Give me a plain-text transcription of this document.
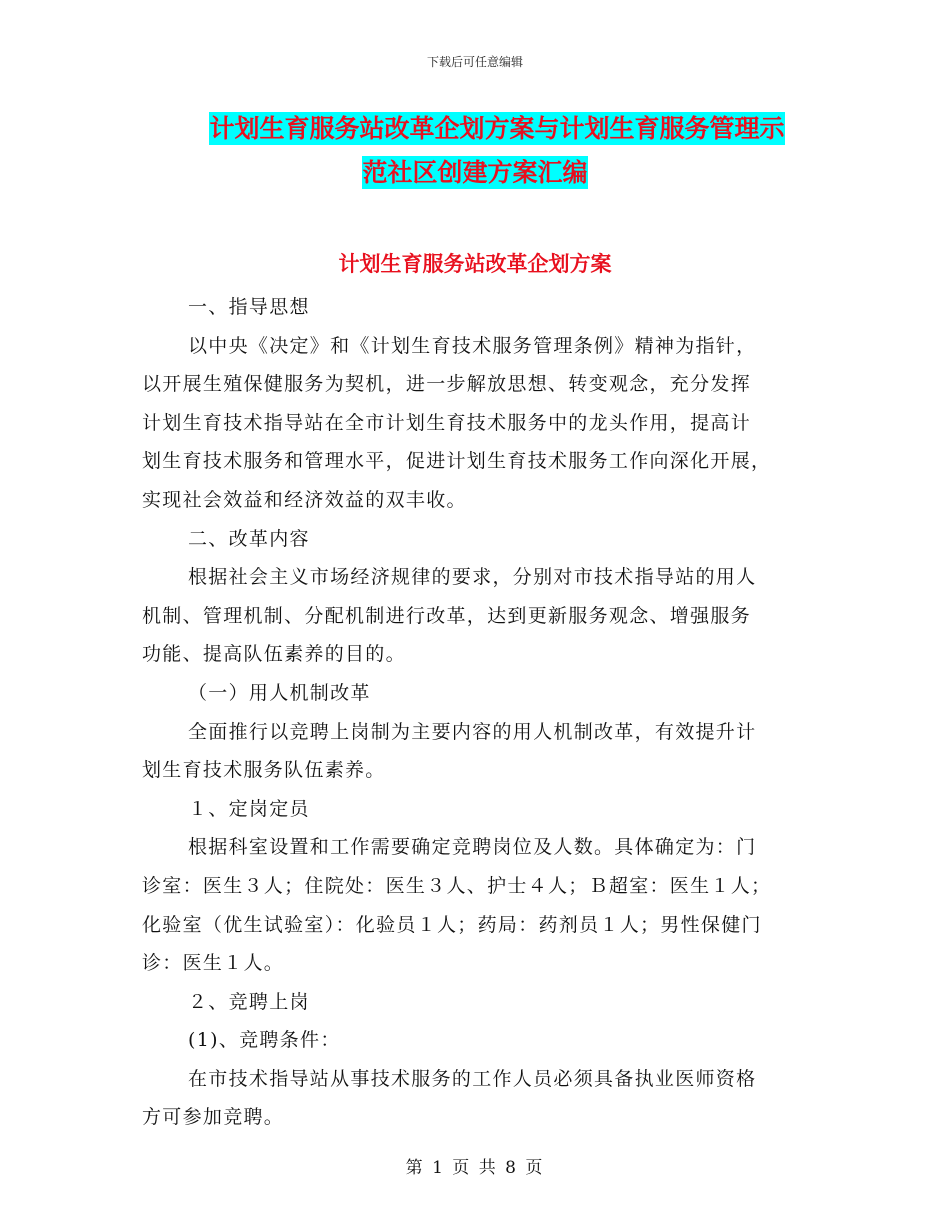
下载后可任意编辑
计划生育服务站改革企划方案与计划生育服务管理示
范社区创建方案汇编
计划生育服务站改革企划方案

一、指导思想

以中央《决定》和《计划生育技术服务管理条例》精神为指针，

以开展生殖保健服务为契机，进一步解放思想、转变观念，充分发挥

计划生育技术指导站在全市计划生育技术服务中的龙头作用，提高计

划生育技术服务和管理水平，促进计划生育技术服务工作向深化开展，

实现社会效益和经济效益的双丰收。

二、改革内容

根据社会主义市场经济规律的要求，分别对市技术指导站的用人

机制、管理机制、分配机制进行改革，达到更新服务观念、增强服务

功能、提高队伍素养的目的。

（一）用人机制改革

全面推行以竞聘上岗制为主要内容的用人机制改革，有效提升计

划生育技术服务队伍素养。

１、定岗定员

根据科室设置和工作需要确定竞聘岗位及人数。具体确定为：门

诊室：医生３人；住院处：医生３人、护士４人；Ｂ超室：医生１人；

化验室（优生试验室）：化验员１人；药局：药剂员１人；男性保健门

诊：医生１人。

２、竞聘上岗

(1)、竞聘条件：

在市技术指导站从事技术服务的工作人员必须具备执业医师资格

方可参加竞聘。

第 1 页 共 8 页
